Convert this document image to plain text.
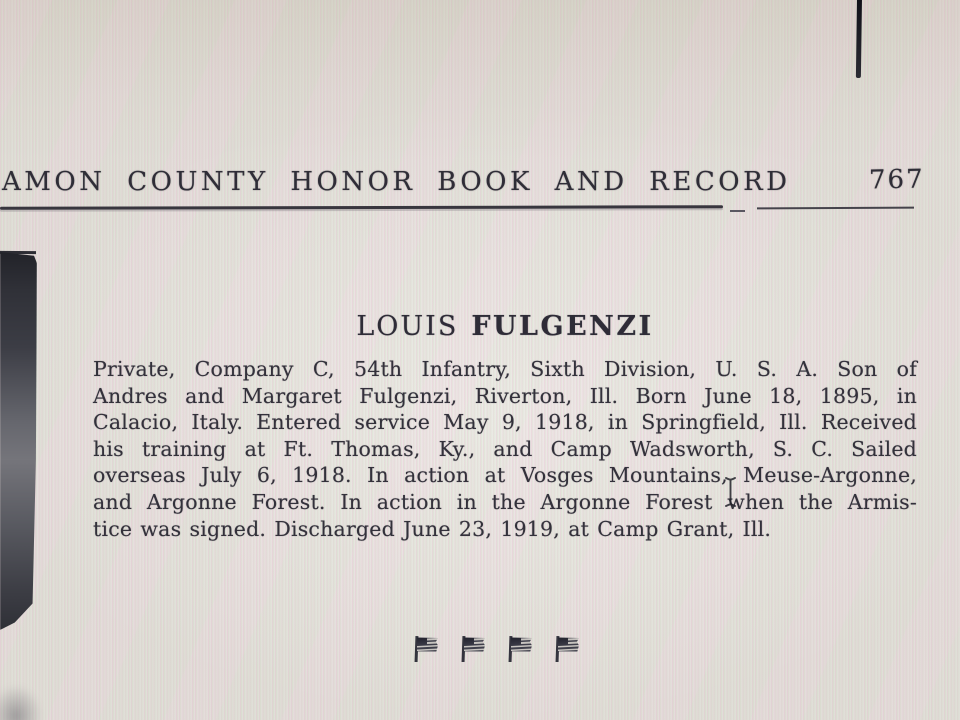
AMON COUNTY HONOR BOOK AND RECORD	767
LOUIS FULGENZI
Private, Company C, 54th Infantry, Sixth Division, U. S. A. Son of
Andres and Margaret Fulgenzi, Riverton, Ill. Born June 18, 1895, in
Calacio, Italy. Entered service May 9, 1918, in Springfield, Ill. Received
his training at Ft. Thomas, Ky., and Camp Wadsworth, S. C. Sailed
overseas July 6, 1918. In action at Vosges Mountains, Meuse-Argonne,
and Argonne Forest. In action in the Argonne Forest when the Armis-
tice was signed. Discharged June 23, 1919, at Camp Grant, Ill.
